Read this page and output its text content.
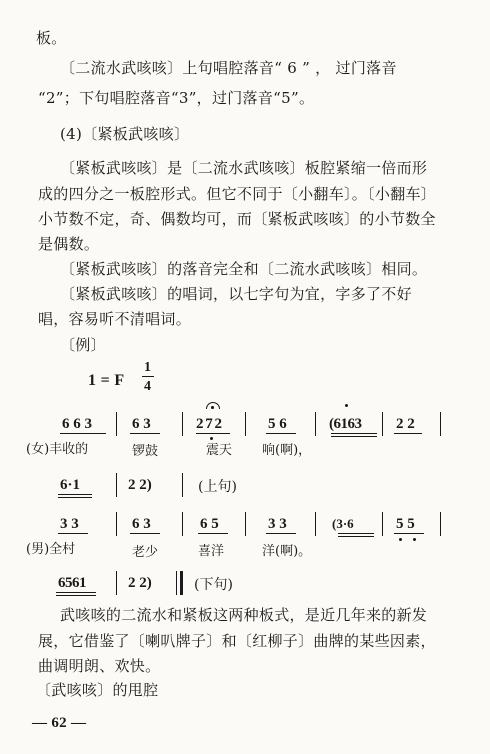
板。
〔二流水武咳咳〕上句唱腔落音“ 6 ” ， 过门落音
“2”；下句唱腔落音“3”，过门落音“5”。
(4)〔紧板武咳咳〕
〔紧板武咳咳〕是〔二流水武咳咳〕板腔紧缩一倍而形
成的四分之一板腔形式。但它不同于〔小翻车〕。〔小翻车〕
小节数不定，奇、偶数均可，而〔紧板武咳咳〕的小节数全
是偶数。
〔紧板武咳咳〕的落音完全和〔二流水武咳咳〕相同。
〔紧板武咳咳〕的唱词，以七字句为宜，字多了不好
唱，容易听不清唱词。
〔例〕
1 = F
1
4
6 6 3	6 3	2 7 2	5 6	(6163 2 2
(女)丰收的	锣鼓	震天 响(啊)，
6·1	2 2)	(上句)
3 3	6 3	6 5	3 3	(3·6	5 5
(男)全村	老少	喜洋	洋(啊)。
6561	2 2)	(下句)
武咳咳的二流水和紧板这两种板式，是近几年来的新发
展，它借鉴了〔喇叭牌子〕和〔红柳子〕曲牌的某些因素，
曲调明朗、欢快。
〔武咳咳〕的甩腔
— 62 —
